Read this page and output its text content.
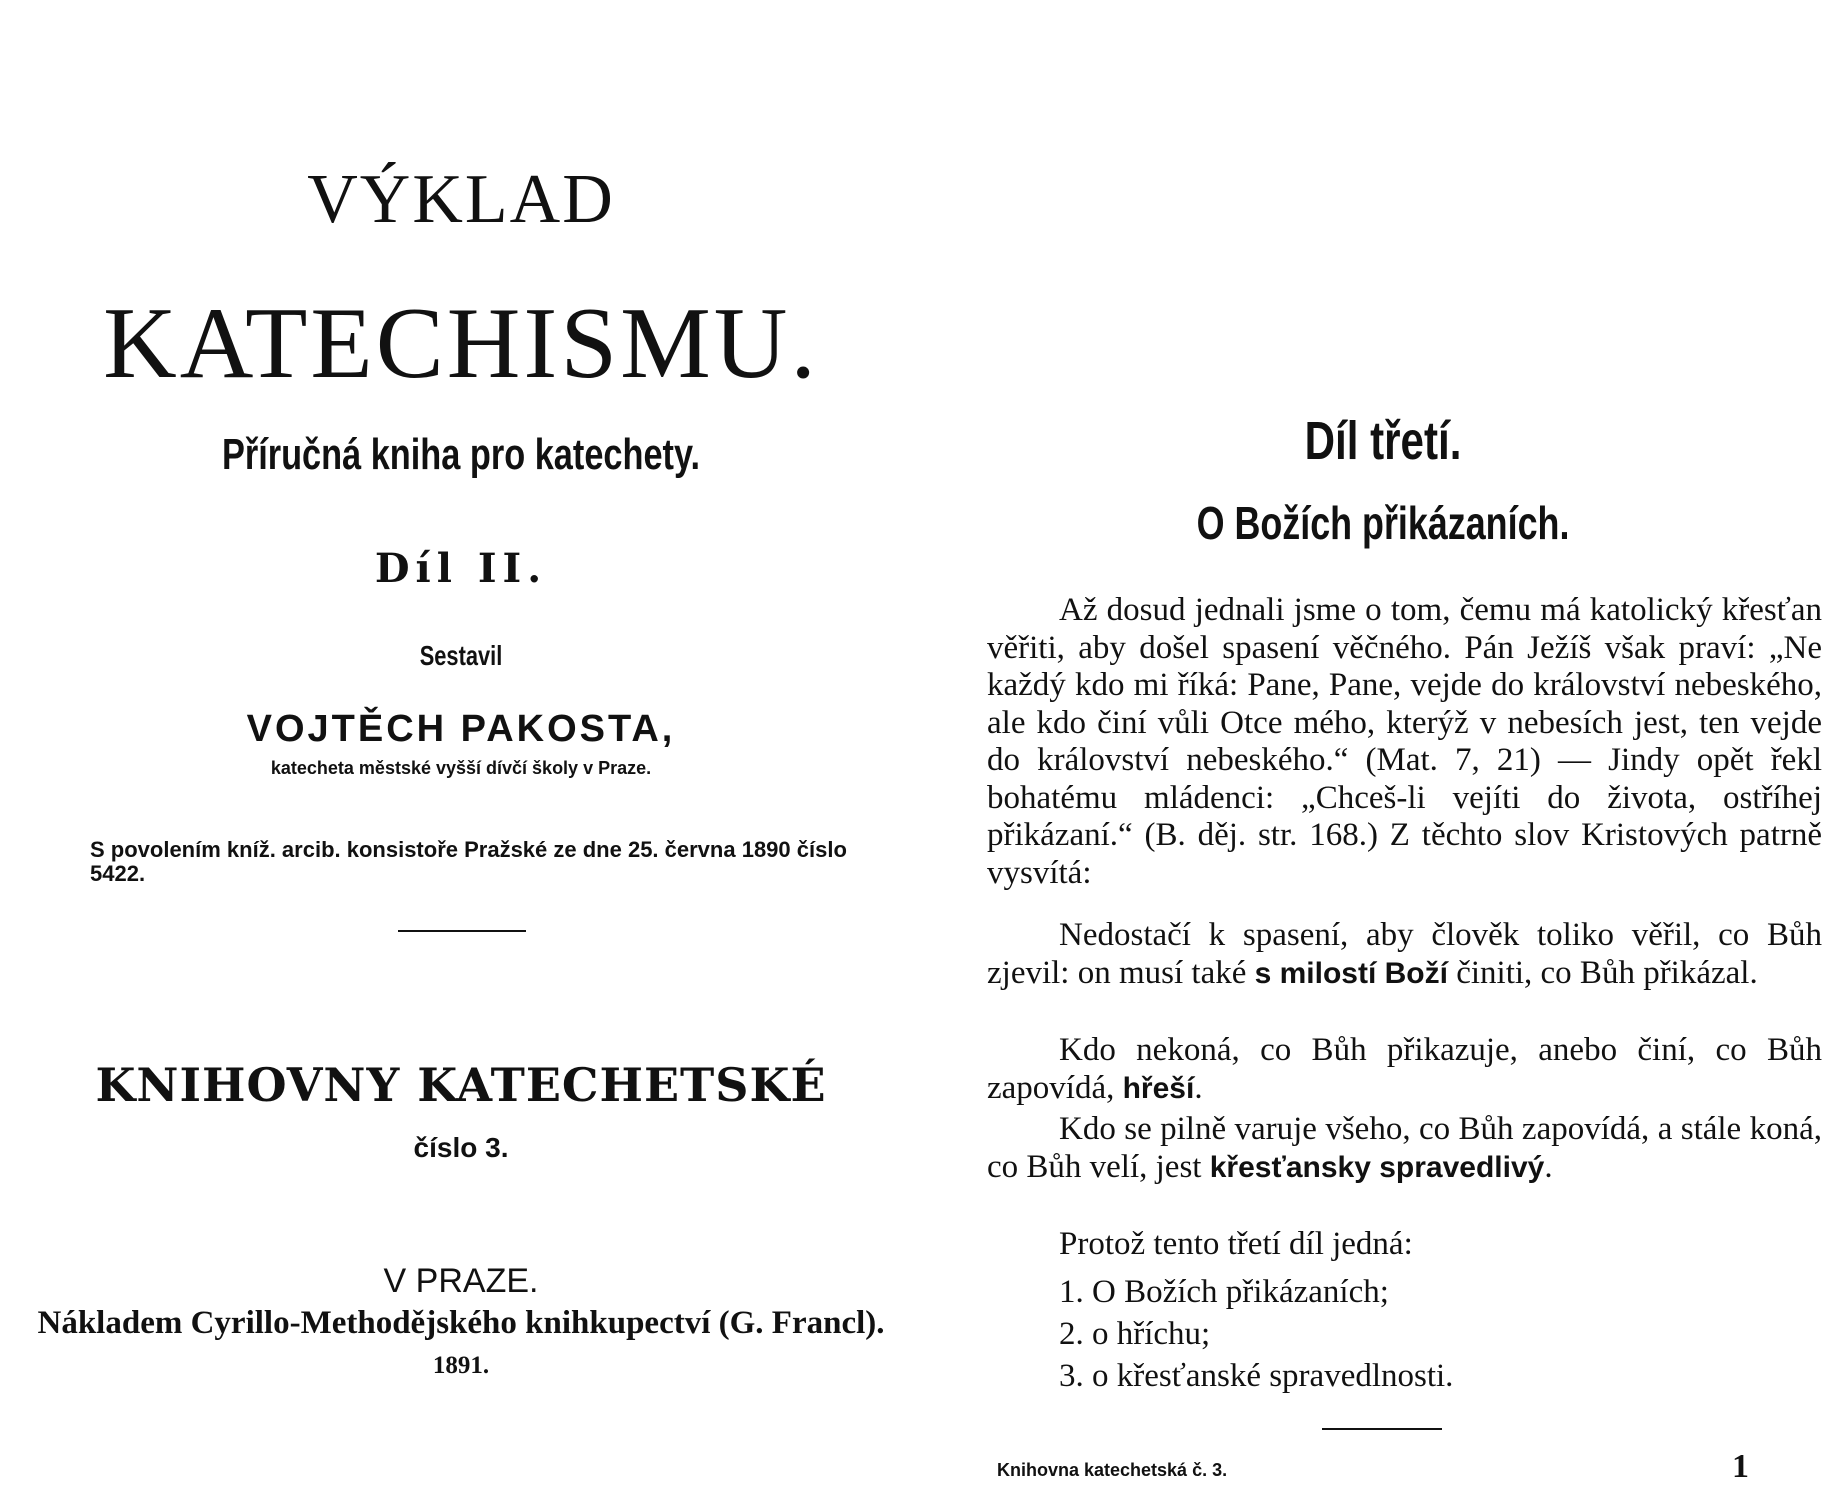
VÝKLAD
KATECHISMU.
Příručná kniha pro katechety.
Díl II.
Sestavil
VOJTĚCH PAKOSTA,
katecheta městské vyšší dívčí školy v Praze.
S povolením kníž. arcib. konsistoře Pražské ze dne 25. června 1890 číslo 5422.
KNIHOVNY KATECHETSKÉ
číslo 3.
V PRAZE.
Nákladem Cyrillo-Methodějského knihkupectví (G. Francl).
1891.
Díl třetí.
O Božích přikázaních.

Až dosud jednali jsme o tom, čemu má katolický křesťan věřiti, aby došel spasení věčného. Pán Ježíš však praví: „Ne každý kdo mi říká: Pane, Pane, vejde do království nebeského, ale kdo činí vůli Otce mého, kterýž v nebesích jest, ten vejde do království nebeského.“ (Mat. 7, 21) — Jindy opět řekl bohatému mládenci: „Chceš-li vejíti do života, ostříhej přikázaní.“ (B. děj. str. 168.) Z těchto slov Kristových patrně vysvítá:

Nedostačí k spasení, aby člověk toliko věřil, co Bůh zjevil: on musí také s milostí Boží činiti, co Bůh přikázal.

Kdo nekoná, co Bůh přikazuje, anebo činí, co Bůh zapovídá, hřeší.

Kdo se pilně varuje všeho, co Bůh zapovídá, a stále koná, co Bůh velí, jest křesťansky spravedlivý.

Protož tento třetí díl jedná:

1. O Božích přikázaních;
2. o hříchu;
3. o křesťanské spravedlnosti.
Knihovna katechetská č. 3.	1
